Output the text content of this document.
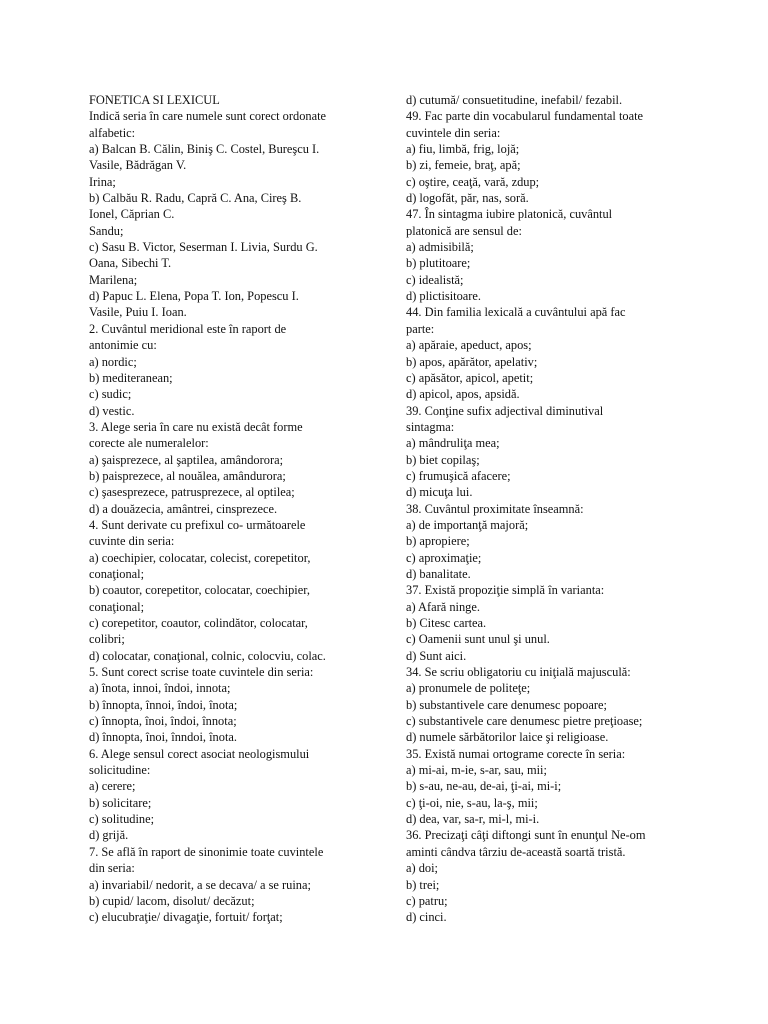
FONETICA SI LEXICUL
Indică seria în care numele sunt corect ordonate
alfabetic:
a) Balcan B. Călin, Biniş C. Costel, Bureşcu I.
Vasile, Bădrăgan V.
Irina;
b) Calbău R. Radu, Capră C. Ana, Cireş B.
Ionel, Căprian C.
Sandu;
c) Sasu B. Victor, Seserman I. Livia, Surdu G.
Oana, Sibechi T.
Marilena;
d) Papuc L. Elena, Popa T. Ion, Popescu I.
Vasile, Puiu I. Ioan.
2. Cuvântul meridional este în raport de
antonimie cu:
a) nordic;
b) mediteranean;
c) sudic;
d) vestic.
3. Alege seria în care nu există decât forme
corecte ale numeralelor:
a) şaisprezece, al şaptilea, amândorora;
b) paisprezece, al nouălea, amândurora;
c) şasesprezece, patrusprezece, al optilea;
d) a douăzecia, amântrei, cinsprezece.
4. Sunt derivate cu prefixul co- următoarele
cuvinte din seria:
a) coechipier, colocatar, colecist, corepetitor,
conaţional;
b) coautor, corepetitor, colocatar, coechipier,
conaţional;
c) corepetitor, coautor, colindător, colocatar,
colibri;
d) colocatar, conaţional, colnic, colocviu, colac.
5. Sunt corect scrise toate cuvintele din seria:
a) înota, innoi, îndoi, innota;
b) înnopta, înnoi, îndoi, înota;
c) înnopta, înoi, îndoi, înnota;
d) înnopta, înoi, înndoi, înota.
6. Alege sensul corect asociat neologismului
solicitudine:
a) cerere;
b) solicitare;
c) solitudine;
d) grijă.
7. Se află în raport de sinonimie toate cuvintele
din seria:
a) invariabil/ nedorit, a se decava/ a se ruina;
b) cupid/ lacom, disolut/ decăzut;
c) elucubraţie/ divagaţie, fortuit/ forţat;
d) cutumă/ consuetitudine, inefabil/ fezabil.
49. Fac parte din vocabularul fundamental toate
cuvintele din seria:
a) fiu, limbă, frig, lojă;
b) zi, femeie, braţ, apă;
c) oştire, ceaţă, vară, zdup;
d) logofăt, păr, nas, soră.
47. În sintagma iubire platonică, cuvântul
platonică are sensul de:
a) admisibilă;
b) plutitoare;
c) idealistă;
d) plictisitoare.
44. Din familia lexicală a cuvântului apă fac
parte:
a) apăraie, apeduct, apos;
b) apos, apărător, apelativ;
c) apăsător, apicol, apetit;
d) apicol, apos, apsidă.
39. Conţine sufix adjectival diminutival
sintagma:
a) mândruliţa mea;
b) biet copilaş;
c) frumuşică afacere;
d) micuţa lui.
38. Cuvântul proximitate înseamnă:
a) de importanţă majoră;
b) apropiere;
c) aproximaţie;
d) banalitate.
37. Există propoziţie simplă în varianta:
a) Afară ninge.
b) Citesc cartea.
c) Oamenii sunt unul şi unul.
d) Sunt aici.
34. Se scriu obligatoriu cu iniţială majusculă:
a) pronumele de politeţe;
b) substantivele care denumesc popoare;
c) substantivele care denumesc pietre preţioase;
d) numele sărbătorilor laice şi religioase.
35. Există numai ortograme corecte în seria:
a) mi-ai, m-ie, s-ar, sau, mii;
b) s-au, ne-au, de-ai, ţi-ai, mi-i;
c) ţi-oi, nie, s-au, la-ş, mii;
d) dea, var, sa-r, mi-l, mi-i.
36. Precizaţi câţi diftongi sunt în enunţul Ne-om
aminti cândva târziu de-această soartă tristă.
a) doi;
b) trei;
c) patru;
d) cinci.
